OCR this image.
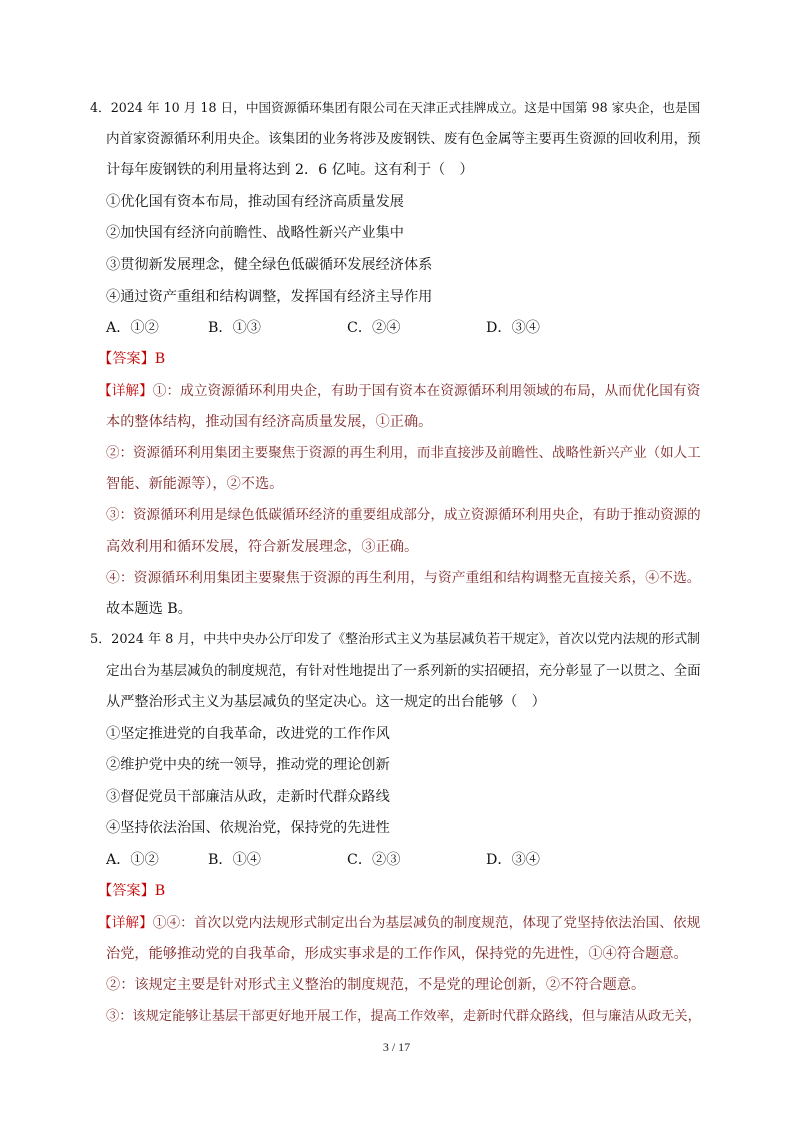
4．2024 年 10 月 18 日，中国资源循环集团有限公司在天津正式挂牌成立。这是中国第 98 家央企，也是国
内首家资源循环利用央企。该集团的业务将涉及废钢铁、废有色金属等主要再生资源的回收利用，预
计每年废钢铁的利用量将达到 2．6 亿吨。这有利于（　）
①优化国有资本布局，推动国有经济高质量发展
②加快国有经济向前瞻性、战略性新兴产业集中
③贯彻新发展理念，健全绿色低碳循环发展经济体系
④通过资产重组和结构调整，发挥国有经济主导作用
A．①②	B．①③	C．②④	D．③④
【答案】B
【详解】①：成立资源循环利用央企，有助于国有资本在资源循环利用领域的布局，从而优化国有资
本的整体结构，推动国有经济高质量发展，①正确。
②：资源循环利用集团主要聚焦于资源的再生利用，而非直接涉及前瞻性、战略性新兴产业（如人工
智能、新能源等），②不选。
③：资源循环利用是绿色低碳循环经济的重要组成部分，成立资源循环利用央企，有助于推动资源的
高效利用和循环发展，符合新发展理念，③正确。
④：资源循环利用集团主要聚焦于资源的再生利用，与资产重组和结构调整无直接关系，④不选。
故本题选 B。
5．2024 年 8 月，中共中央办公厅印发了《整治形式主义为基层减负若干规定》，首次以党内法规的形式制
定出台为基层减负的制度规范，有针对性地提出了一系列新的实招硬招，充分彰显了一以贯之、全面
从严整治形式主义为基层减负的坚定决心。这一规定的出台能够（　）
①坚定推进党的自我革命，改进党的工作作风
②维护党中央的统一领导，推动党的理论创新
③督促党员干部廉洁从政，走新时代群众路线
④坚持依法治国、依规治党，保持党的先进性
A．①②	B．①④	C．②③	D．③④
【答案】B
【详解】①④：首次以党内法规形式制定出台为基层减负的制度规范，体现了党坚持依法治国、依规
治党，能够推动党的自我革命，形成实事求是的工作作风，保持党的先进性，①④符合题意。
②：该规定主要是针对形式主义整治的制度规范，不是党的理论创新，②不符合题意。
③：该规定能够让基层干部更好地开展工作，提高工作效率，走新时代群众路线，但与廉洁从政无关，
3 / 17
